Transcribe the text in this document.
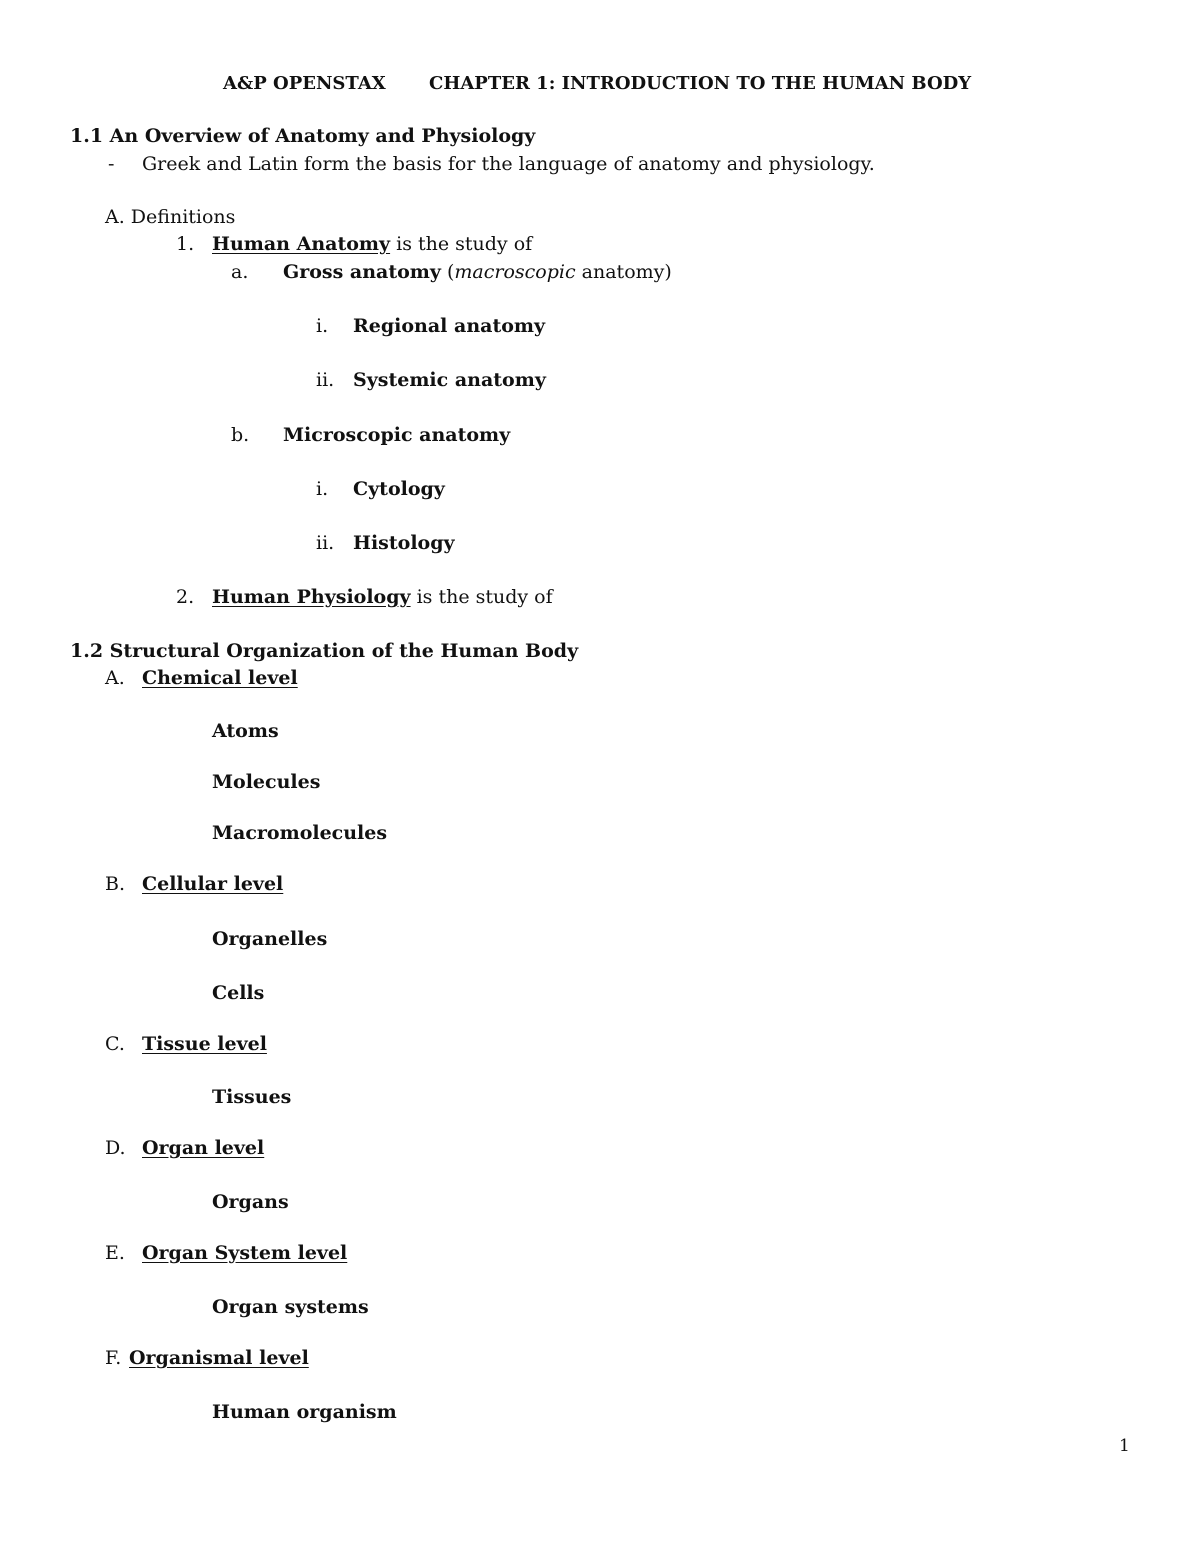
A&P OPENSTAX CHAPTER 1: INTRODUCTION TO THE HUMAN BODY
1.1 An Overview of Anatomy and Physiology
- Greek and Latin form the basis for the language of anatomy and physiology.
A. Definitions
1. Human Anatomy is the study of
a. Gross anatomy (macroscopic anatomy)
i. Regional anatomy
ii. Systemic anatomy
b. Microscopic anatomy
i. Cytology
ii. Histology
2. Human Physiology is the study of
1.2 Structural Organization of the Human Body
A. Chemical level
Atoms
Molecules
Macromolecules
B. Cellular level
Organelles
Cells
C. Tissue level
Tissues
D. Organ level
Organs
E. Organ System level
Organ systems
F. Organismal level
Human organism
1
